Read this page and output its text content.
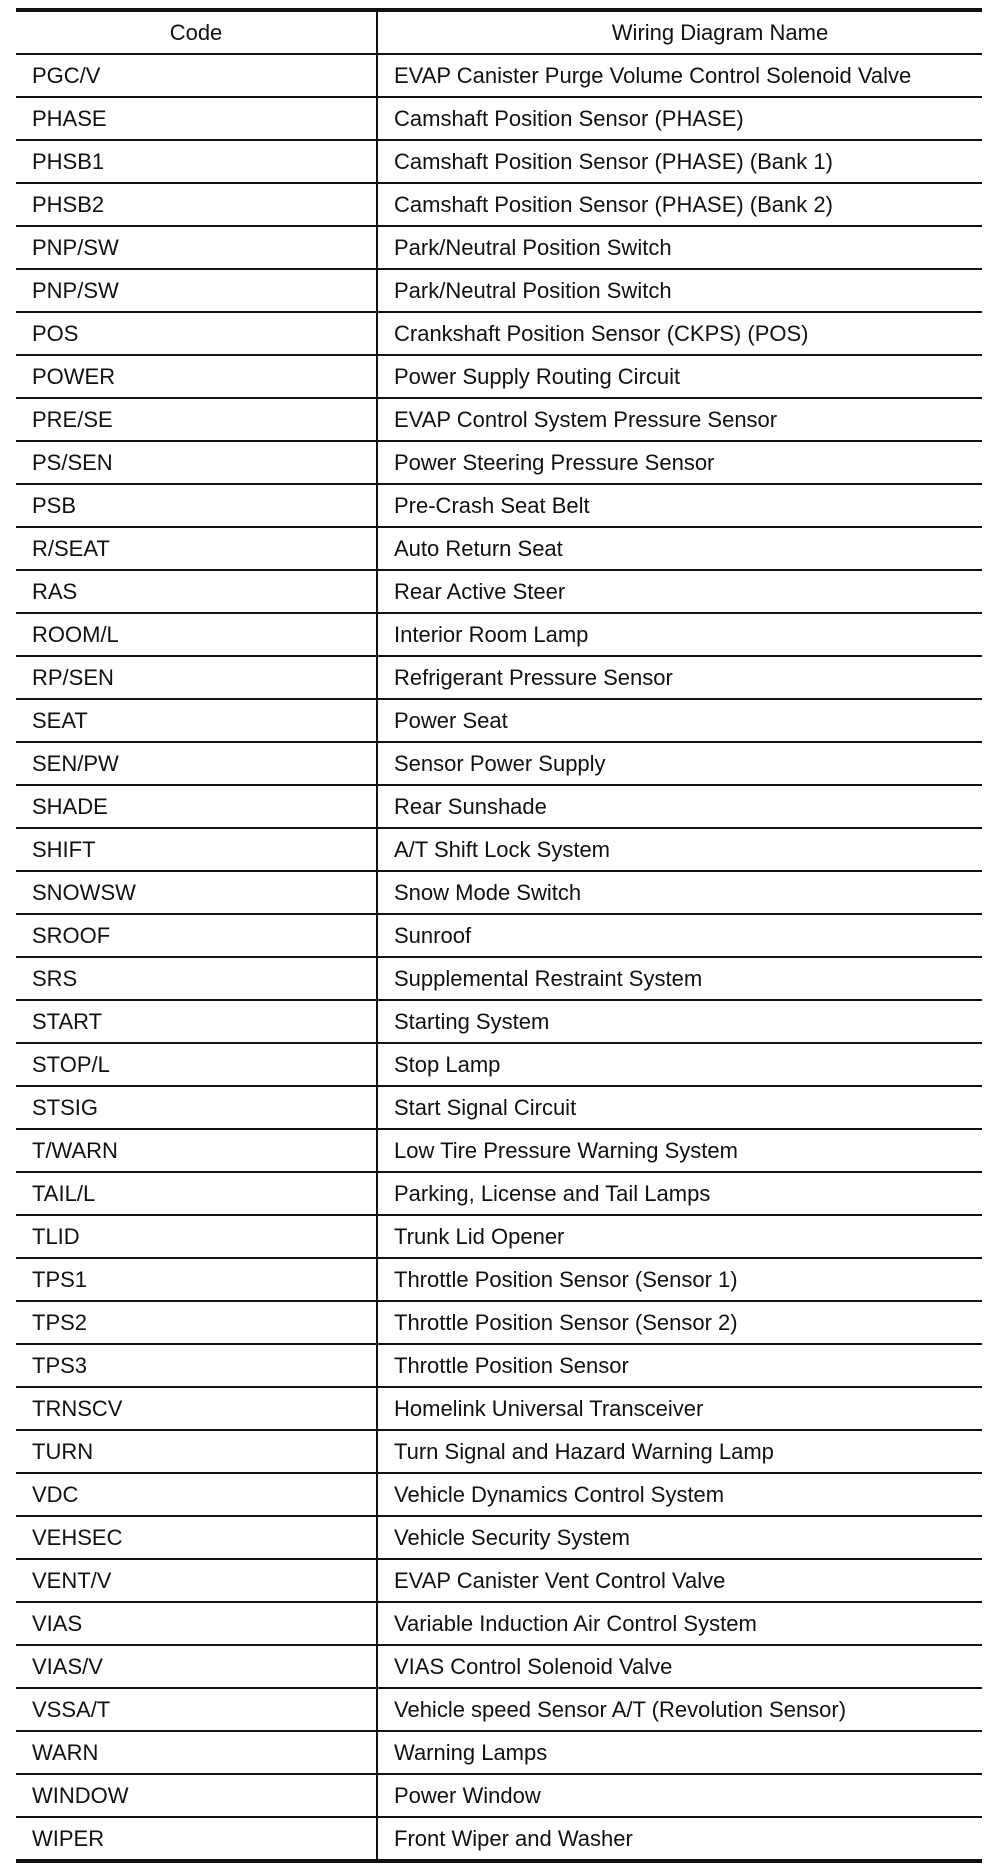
Code	Wiring Diagram Name
PGC/V	EVAP Canister Purge Volume Control Solenoid Valve
PHASE	Camshaft Position Sensor (PHASE)
PHSB1	Camshaft Position Sensor (PHASE) (Bank 1)
PHSB2	Camshaft Position Sensor (PHASE) (Bank 2)
PNP/SW	Park/Neutral Position Switch
PNP/SW	Park/Neutral Position Switch
POS	Crankshaft Position Sensor (CKPS) (POS)
POWER	Power Supply Routing Circuit
PRE/SE	EVAP Control System Pressure Sensor
PS/SEN	Power Steering Pressure Sensor
PSB	Pre-Crash Seat Belt
R/SEAT	Auto Return Seat
RAS	Rear Active Steer
ROOM/L	Interior Room Lamp
RP/SEN	Refrigerant Pressure Sensor
SEAT	Power Seat
SEN/PW	Sensor Power Supply
SHADE	Rear Sunshade
SHIFT	A/T Shift Lock System
SNOWSW	Snow Mode Switch
SROOF	Sunroof
SRS	Supplemental Restraint System
START	Starting System
STOP/L	Stop Lamp
STSIG	Start Signal Circuit
T/WARN	Low Tire Pressure Warning System
TAIL/L	Parking, License and Tail Lamps
TLID	Trunk Lid Opener
TPS1	Throttle Position Sensor (Sensor 1)
TPS2	Throttle Position Sensor (Sensor 2)
TPS3	Throttle Position Sensor
TRNSCV	Homelink Universal Transceiver
TURN	Turn Signal and Hazard Warning Lamp
VDC	Vehicle Dynamics Control System
VEHSEC	Vehicle Security System
VENT/V	EVAP Canister Vent Control Valve
VIAS	Variable Induction Air Control System
VIAS/V	VIAS Control Solenoid Valve
VSSA/T	Vehicle speed Sensor A/T (Revolution Sensor)
WARN	Warning Lamps
WINDOW	Power Window
WIPER	Front Wiper and Washer
